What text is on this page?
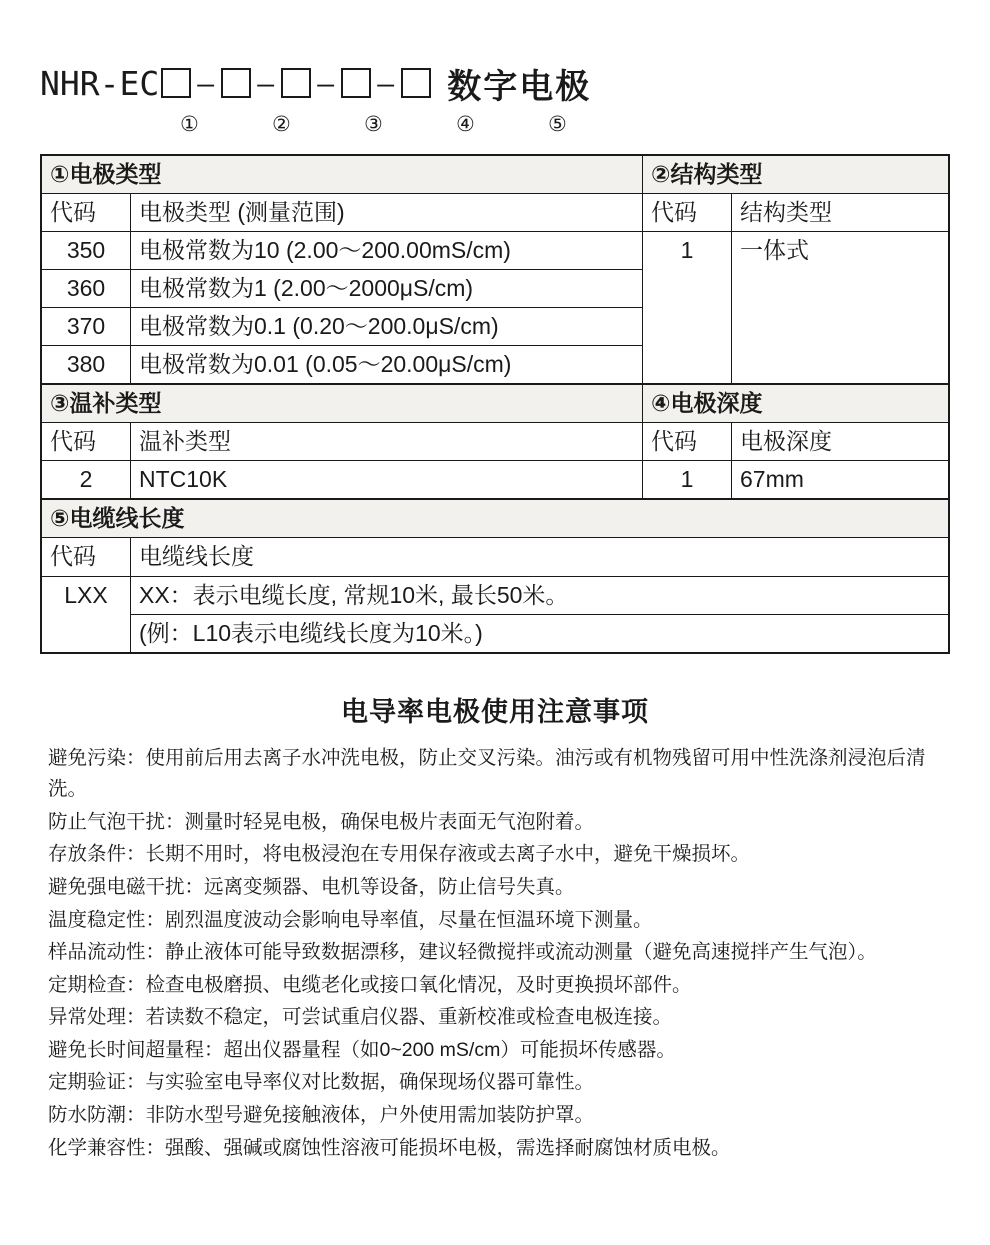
NHR-EC – – – – 数字电极
①	②	③	④	⑤
①电极类型		②结构类型	
代码	电极类型 (测量范围)	代码	结构类型
350	电极常数为10 (2.00～200.00mS/cm)	1	一体式
360	电极常数为1 (2.00～2000μS/cm)		
370	电极常数为0.1 (0.20～200.0μS/cm)		
380	电极常数为0.01 (0.05～20.00μS/cm)		
③温补类型		④电极深度	
代码	温补类型	代码	电极深度
2	NTC10K	1	67mm
⑤电缆线长度			
代码	电缆线长度		
LXX	XX：表示电缆长度, 常规10米, 最长50米。		
	(例：L10表示电缆线长度为10米。)		
电导率电极使用注意事项
避免污染：使用前后用去离子水冲洗电极，防止交叉污染。油污或有机物残留可用中性洗涤剂浸泡后清洗。
防止气泡干扰：测量时轻晃电极，确保电极片表面无气泡附着。
存放条件：长期不用时，将电极浸泡在专用保存液或去离子水中，避免干燥损坏。
避免强电磁干扰：远离变频器、电机等设备，防止信号失真。
温度稳定性：剧烈温度波动会影响电导率值，尽量在恒温环境下测量。
样品流动性：静止液体可能导致数据漂移，建议轻微搅拌或流动测量（避免高速搅拌产生气泡）。
定期检查：检查电极磨损、电缆老化或接口氧化情况，及时更换损坏部件。
异常处理：若读数不稳定，可尝试重启仪器、重新校准或检查电极连接。
避免长时间超量程：超出仪器量程（如0~200 mS/cm）可能损坏传感器。
定期验证：与实验室电导率仪对比数据，确保现场仪器可靠性。
防水防潮：非防水型号避免接触液体，户外使用需加装防护罩。
化学兼容性：强酸、强碱或腐蚀性溶液可能损坏电极，需选择耐腐蚀材质电极。
